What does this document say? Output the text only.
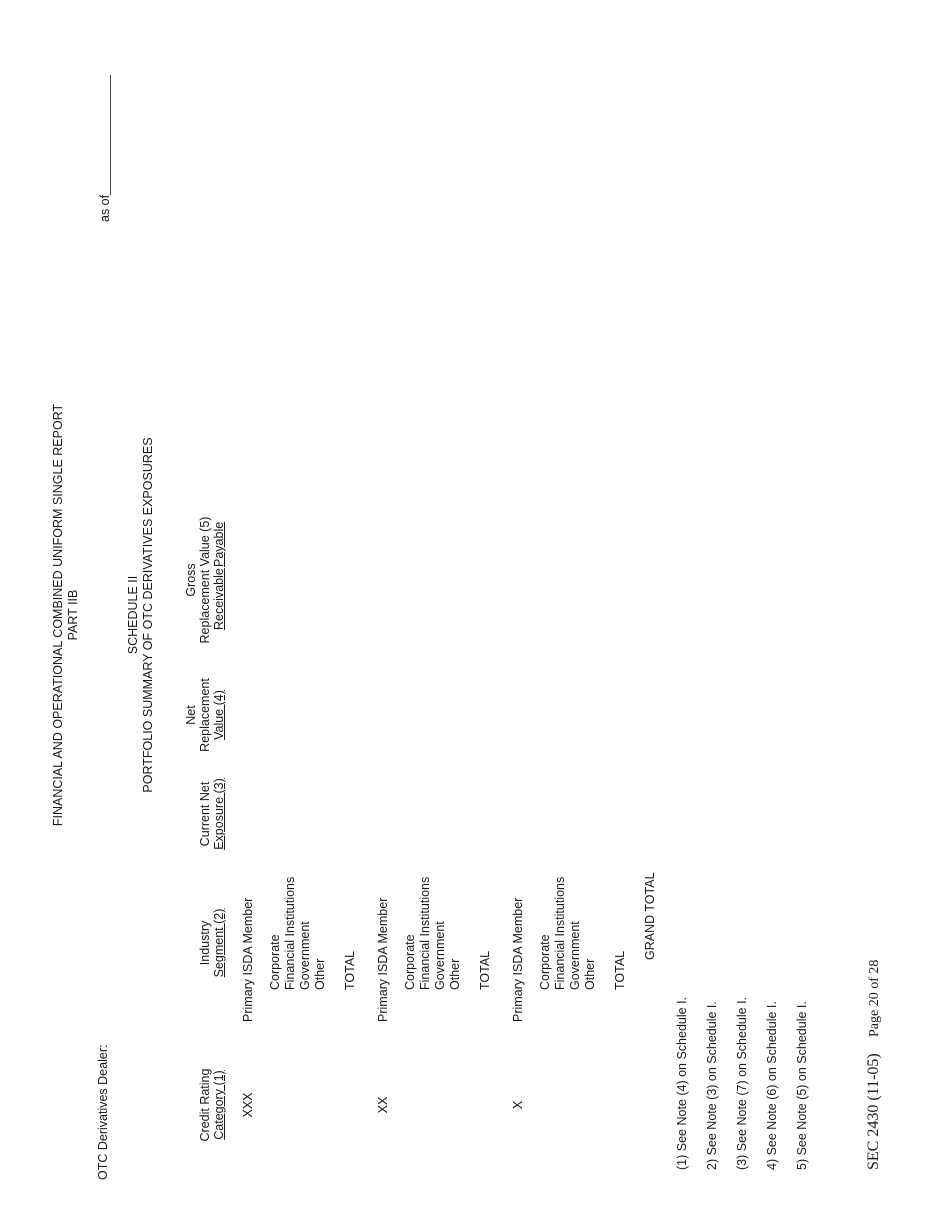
FINANCIAL AND OPERATIONAL COMBINED UNIFORM SINGLE REPORT PART IIB
OTC Derivatives Dealer:
as of
SCHEDULE II PORTFOLIO SUMMARY OF OTC DERIVATIVES EXPOSURES
Credit Rating Category (1)
Industry Segment (2)
Current Net Exposure (3)
Net Replacement Value (4)
Gross Replacement Value (5) Receivable
Payable
XXX
Primary ISDA Member Corporate Financial Institutions Government Other TOTAL
XX
Primary ISDA Member Corporate Financial Institutions Government Other TOTAL
X
Primary ISDA Member Corporate Financial Institutions Government Other TOTAL
GRAND TOTAL
(1) See Note (4) on Schedule I. 2) See Note (3) on Schedule I. (3) See Note (7) on Schedule I. 4) See Note (6) on Schedule I. 5) See Note (5) on Schedule I.	SEC 2430 (11-05)
Page 20 of 28
